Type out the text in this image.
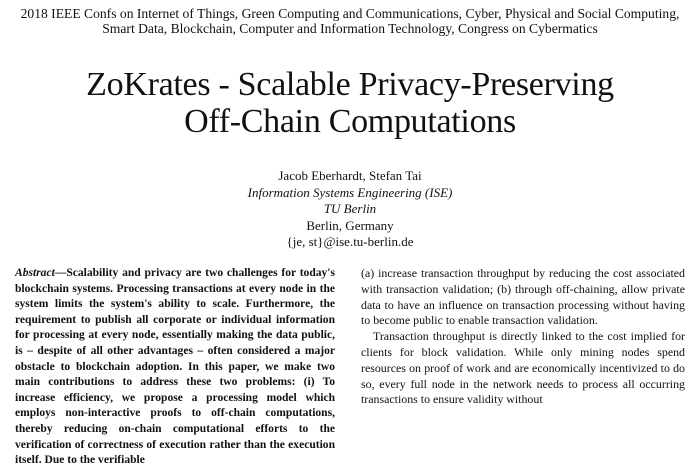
2018 IEEE Confs on Internet of Things, Green Computing and Communications, Cyber, Physical and Social Computing,
Smart Data, Blockchain, Computer and Information Technology, Congress on Cybermatics
ZoKrates - Scalable Privacy-Preserving
Off-Chain Computations
Jacob Eberhardt, Stefan Tai
Information Systems Engineering (ISE)
TU Berlin
Berlin, Germany
{je, st}@ise.tu-berlin.de
Abstract—Scalability and privacy are two challenges for today's blockchain systems. Processing transactions at every node in the system limits the system's ability to scale. Furthermore, the requirement to publish all corporate or individual information for processing at every node, essentially making the data public, is – despite of all other advantages – often considered a major obstacle to blockchain adoption. In this paper, we make two main contributions to address these two problems: (i) To increase efficiency, we propose a processing model which employs non-interactive proofs to off-chain computations, thereby reducing on-chain computational efforts to the verification of correctness of execution rather than the execution itself. Due to the verifiable

(a) increase transaction throughput by reducing the cost associated with transaction validation; (b) through off-chaining, allow private data to have an influence on transaction processing without having to become public to enable transaction validation.

Transaction throughput is directly linked to the cost implied for clients for block validation. While only mining nodes spend resources on proof of work and are economically incentivized to do so, every full node in the network needs to process all occurring transactions to ensure validity without
